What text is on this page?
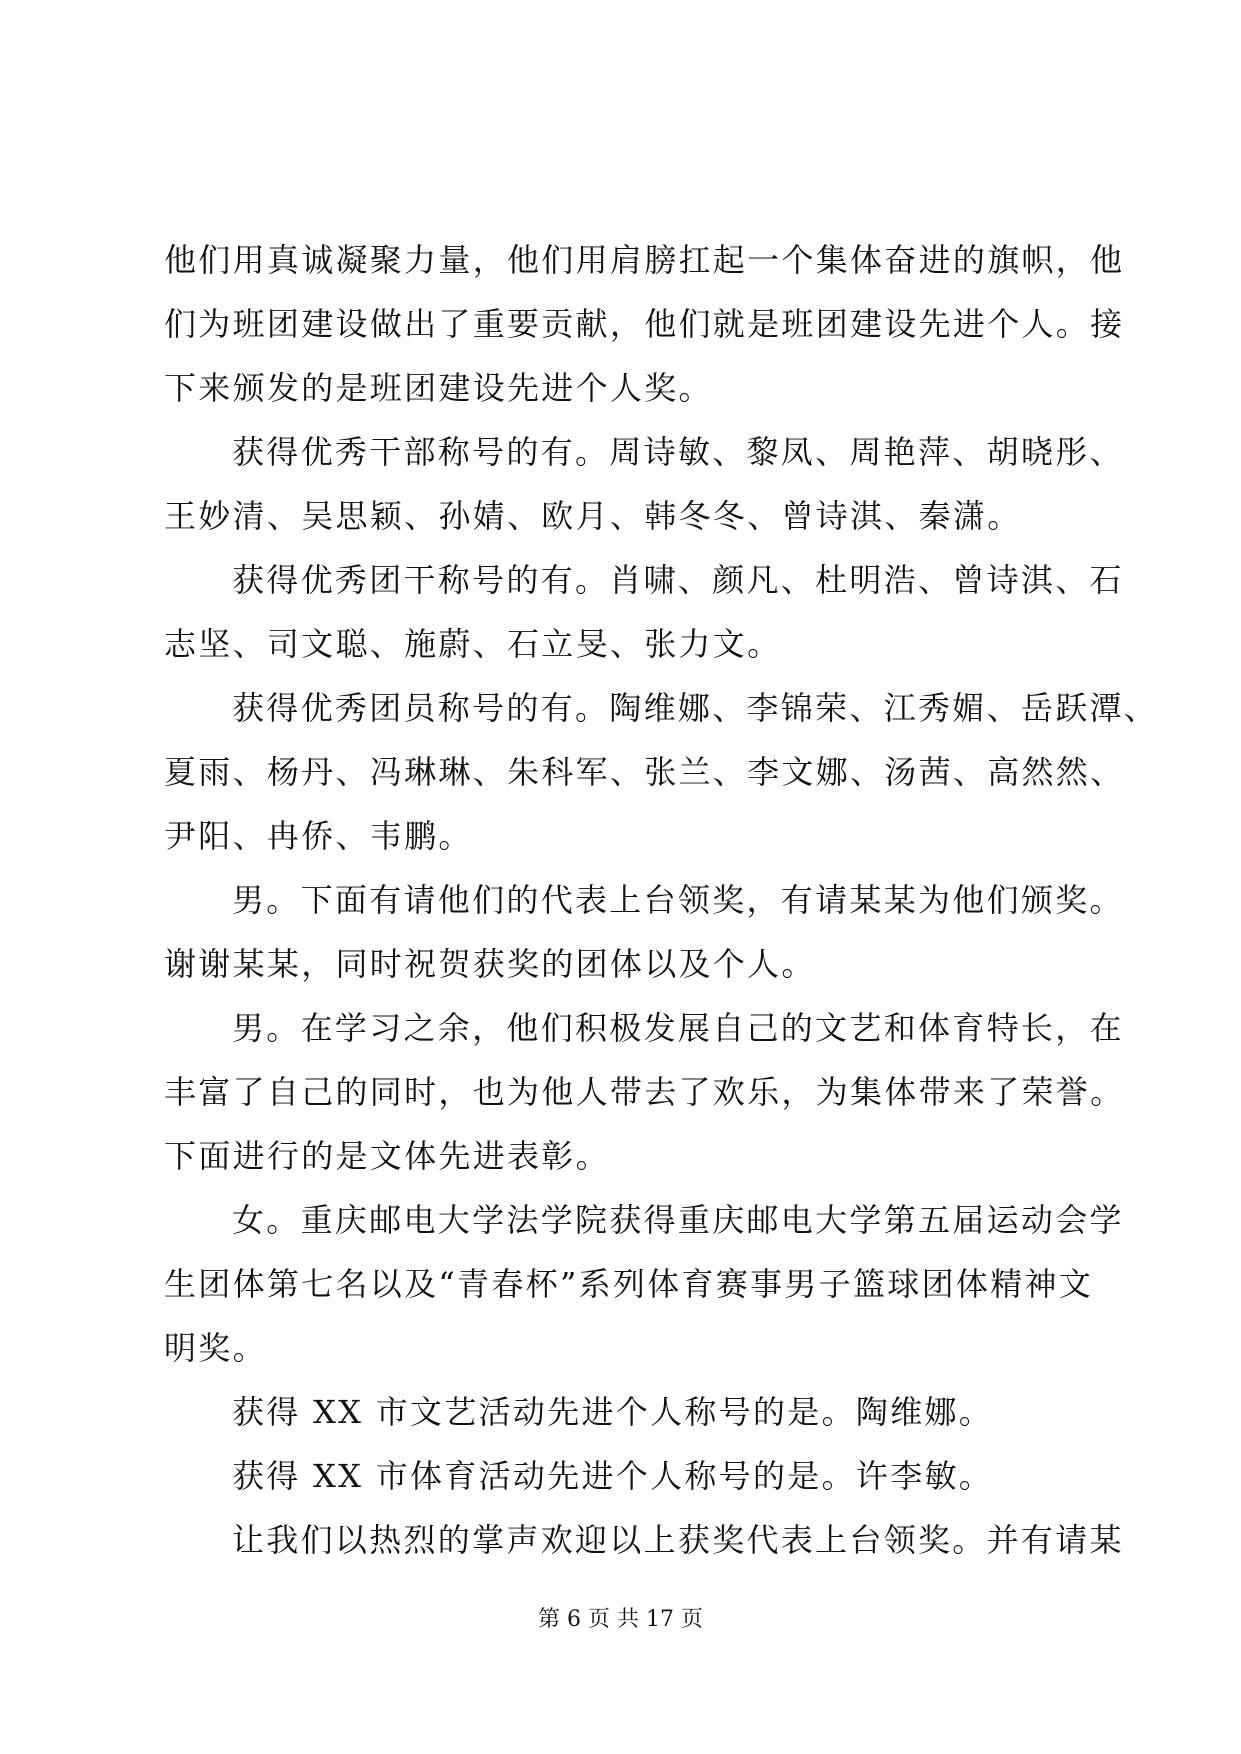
他们用真诚凝聚力量，他们用肩膀扛起一个集体奋进的旗帜，他
们为班团建设做出了重要贡献，他们就是班团建设先进个人。接
下来颁发的是班团建设先进个人奖。
获得优秀干部称号的有。周诗敏、黎凤、周艳萍、胡晓彤、
王妙清、吴思颖、孙婧、欧月、韩冬冬、曾诗淇、秦潇。
获得优秀团干称号的有。肖啸、颜凡、杜明浩、曾诗淇、石
志坚、司文聪、施蔚、石立旻、张力文。
获得优秀团员称号的有。陶维娜、李锦荣、江秀媚、岳跃潭、
夏雨、杨丹、冯琳琳、朱科军、张兰、李文娜、汤茜、高然然、
尹阳、冉侨、韦鹏。
男。下面有请他们的代表上台领奖，有请某某为他们颁奖。
谢谢某某，同时祝贺获奖的团体以及个人。
男。在学习之余，他们积极发展自己的文艺和体育特长，在
丰富了自己的同时，也为他人带去了欢乐，为集体带来了荣誉。
下面进行的是文体先进表彰。
女。重庆邮电大学法学院获得重庆邮电大学第五届运动会学
生团体第七名以及“青春杯”系列体育赛事男子篮球团体精神文
明奖。
获得 XX 市文艺活动先进个人称号的是。陶维娜。
获得 XX 市体育活动先进个人称号的是。许李敏。
让我们以热烈的掌声欢迎以上获奖代表上台领奖。并有请某
第 6 页 共 17 页
